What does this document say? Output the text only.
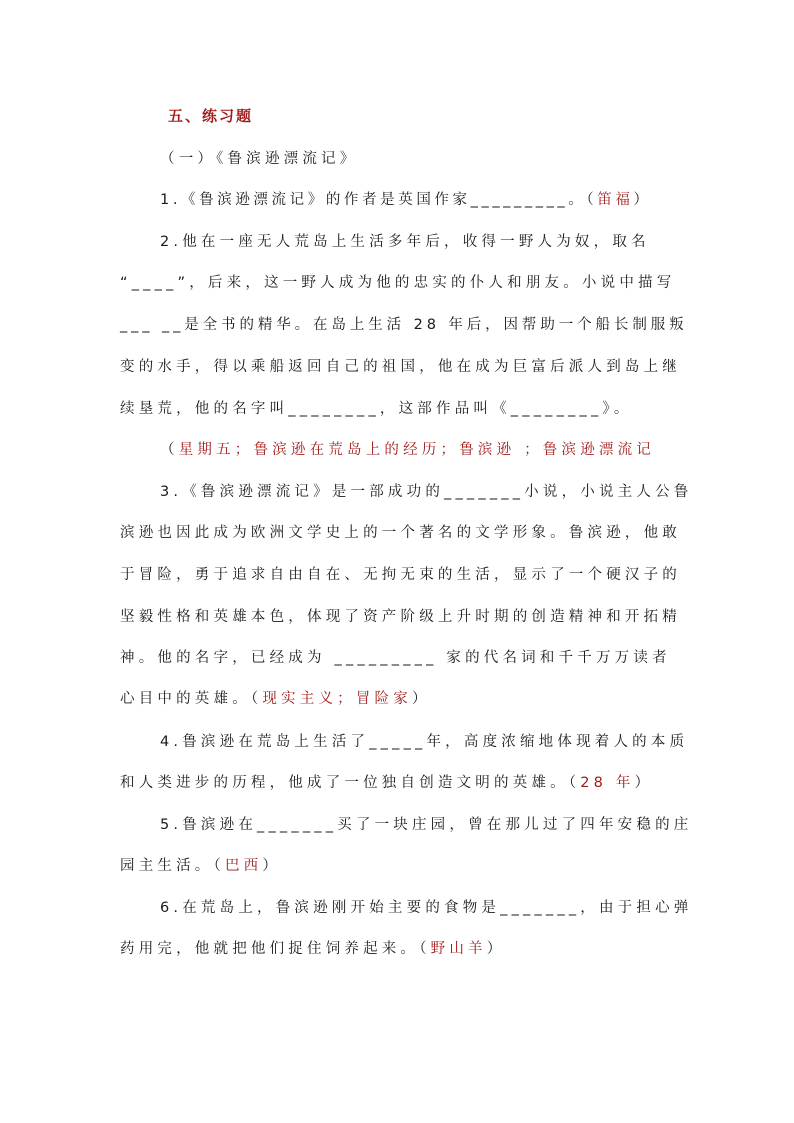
五、练习题
（一）《鲁滨逊漂流记》
1.《鲁滨逊漂流记》的作者是英国作家_________。（笛福）
2.他在一座无人荒岛上生活多年后，收得一野人为奴，取名
“____”，后来，这一野人成为他的忠实的仆人和朋友。小说中描写
___ __是全书的精华。在岛上生活 28 年后，因帮助一个船长制服叛
变的水手，得以乘船返回自己的祖国，他在成为巨富后派人到岛上继
续垦荒，他的名字叫________，这部作品叫《________》。
（星期五；鲁滨逊在荒岛上的经历；鲁滨逊 ；鲁滨逊漂流记
3.《鲁滨逊漂流记》是一部成功的_______小说，小说主人公鲁
滨逊也因此成为欧洲文学史上的一个著名的文学形象。鲁滨逊，他敢
于冒险，勇于追求自由自在、无拘无束的生活，显示了一个硬汉子的
坚毅性格和英雄本色，体现了资产阶级上升时期的创造精神和开拓精
神。他的名字，已经成为 _________ 家的代名词和千千万万读者
心目中的英雄。（现实主义；冒险家）
4.鲁滨逊在荒岛上生活了_____年，高度浓缩地体现着人的本质
和人类进步的历程，他成了一位独自创造文明的英雄。（28 年）
5.鲁滨逊在_______买了一块庄园，曾在那儿过了四年安稳的庄
园主生活。（巴西）
6.在荒岛上，鲁滨逊刚开始主要的食物是_______，由于担心弹
药用完，他就把他们捉住饲养起来。（野山羊）
